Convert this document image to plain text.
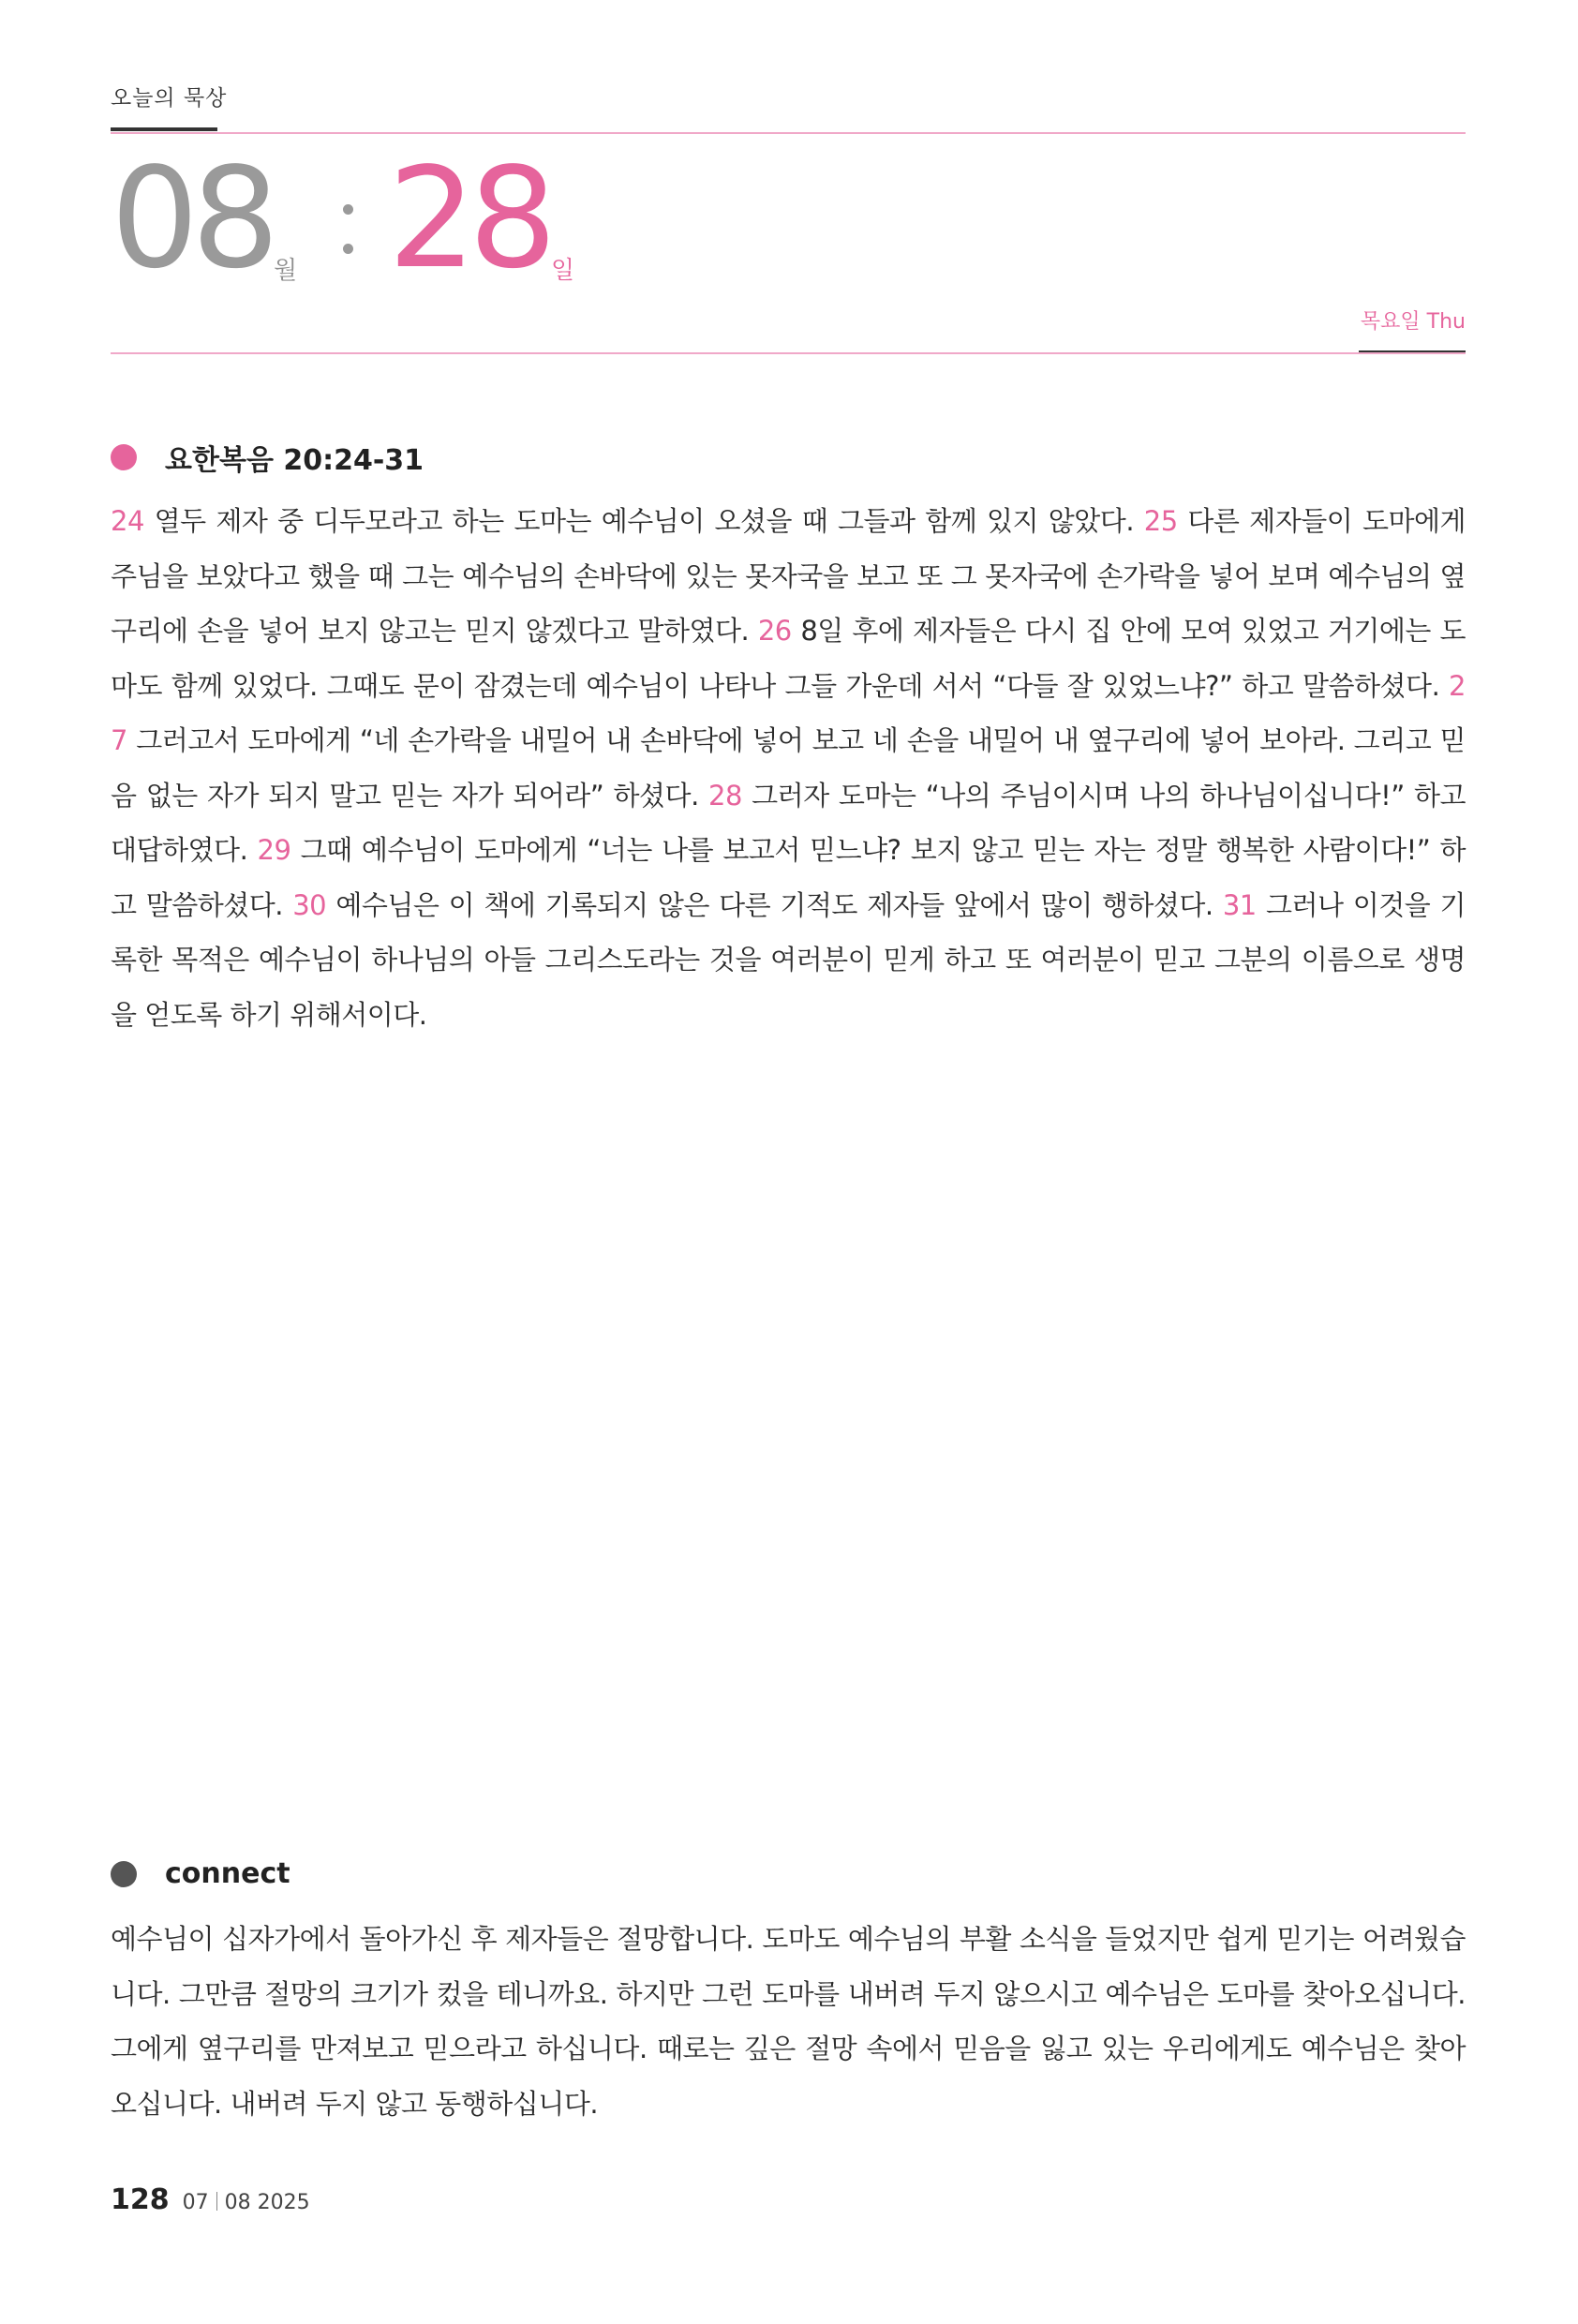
오늘의 묵상
08 월 28 일
목요일 Thu
요한복음 20:24-31
24 열두 제자 중 디두모라고 하는 도마는 예수님이 오셨을 때 그들과 함께 있지 않았다. 25 다른 제자들이 도마에게 주님을 보았다고 했을 때 그는 예수님의 손바닥에 있는 못자국을 보고 또 그 못자국에 손가락을 넣어 보며 예수님의 옆구리에 손을 넣어 보지 않고는 믿지 않겠다고 말하였다. 26 8일 후에 제자들은 다시 집 안에 모여 있었고 거기에는 도마도 함께 있었다. 그때도 문이 잠겼는데 예수님이 나타나 그들 가운데 서서 “다들 잘 있었느냐?” 하고 말씀하셨다. 27 그러고서 도마에게 “네 손가락을 내밀어 내 손바닥에 넣어 보고 네 손을 내밀어 내 옆구리에 넣어 보아라. 그리고 믿음 없는 자가 되지 말고 믿는 자가 되어라” 하셨다. 28 그러자 도마는 “나의 주님이시며 나의 하나님이십니다!” 하고 대답하였다. 29 그때 예수님이 도마에게 “너는 나를 보고서 믿느냐? 보지 않고 믿는 자는 정말 행복한 사람이다!” 하고 말씀하셨다. 30 예수님은 이 책에 기록되지 않은 다른 기적도 제자들 앞에서 많이 행하셨다. 31 그러나 이것을 기록한 목적은 예수님이 하나님의 아들 그리스도라는 것을 여러분이 믿게 하고 또 여러분이 믿고 그분의 이름으로 생명을 얻도록 하기 위해서이다.
connect
예수님이 십자가에서 돌아가신 후 제자들은 절망합니다. 도마도 예수님의 부활 소식을 들었지만 쉽게 믿기는 어려웠습니다. 그만큼 절망의 크기가 컸을 테니까요. 하지만 그런 도마를 내버려 두지 않으시고 예수님은 도마를 찾아오십니다. 그에게 옆구리를 만져보고 믿으라고 하십니다. 때로는 깊은 절망 속에서 믿음을 잃고 있는 우리에게도 예수님은 찾아오십니다. 내버려 두지 않고 동행하십니다.
128 07 08 2025
